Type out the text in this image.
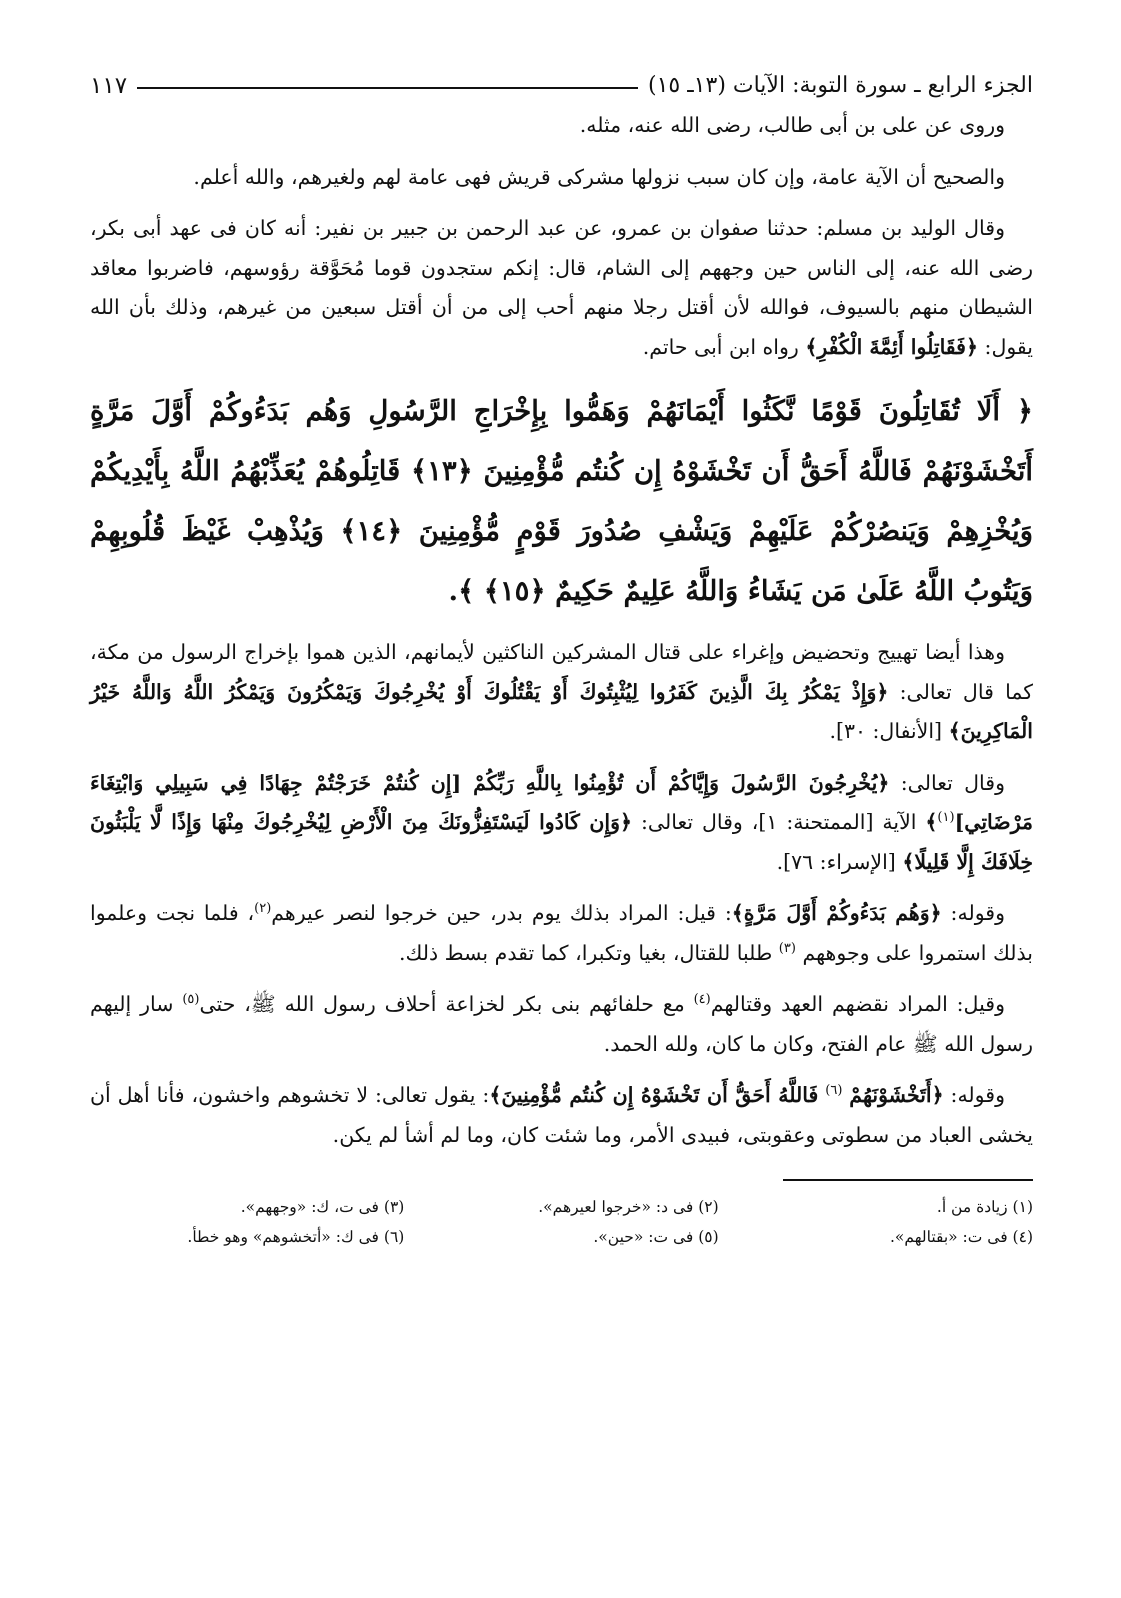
الجزء الرابع ـ سورة التوبة: الآيات (١٣ـ ١٥)
١١٧

وروى عن على بن أبى طالب، رضى الله عنه، مثله.

والصحيح أن الآية عامة، وإن كان سبب نزولها مشركى قريش فهى عامة لهم ولغيرهم، والله أعلم.

وقال الوليد بن مسلم: حدثنا صفوان بن عمرو، عن عبد الرحمن بن جبير بن نفير: أنه كان فى عهد أبى بكر، رضى الله عنه، إلى الناس حين وجههم إلى الشام، قال: إنكم ستجدون قوما مُحَوَّقة رؤوسهم، فاضربوا معاقد الشيطان منهم بالسيوف، فوالله لأن أقتل رجلا منهم أحب إلى من أن أقتل سبعين من غيرهم، وذلك بأن الله يقول: ﴿فَقَاتِلُوا أَئِمَّةَ الْكُفْرِ﴾ رواه ابن أبى حاتم.

﴿ أَلَا تُقَاتِلُونَ قَوْمًا نَّكَثُوا أَيْمَانَهُمْ وَهَمُّوا بِإِخْرَاجِ الرَّسُولِ وَهُم بَدَءُوكُمْ أَوَّلَ مَرَّةٍ أَتَخْشَوْنَهُمْ فَاللَّهُ أَحَقُّ أَن تَخْشَوْهُ إِن كُنتُم مُّؤْمِنِينَ ﴿١٣﴾ قَاتِلُوهُمْ يُعَذِّبْهُمُ اللَّهُ بِأَيْدِيكُمْ وَيُخْزِهِمْ وَيَنصُرْكُمْ عَلَيْهِمْ وَيَشْفِ صُدُورَ قَوْمٍ مُّؤْمِنِينَ ﴿١٤﴾ وَيُذْهِبْ غَيْظَ قُلُوبِهِمْ وَيَتُوبُ اللَّهُ عَلَىٰ مَن يَشَاءُ وَاللَّهُ عَلِيمٌ حَكِيمٌ ﴿١٥﴾ ﴾.

وهذا أيضا تهييج وتحضيض وإغراء على قتال المشركين الناكثين لأيمانهم، الذين هموا بإخراج الرسول من مكة، كما قال تعالى: ﴿وَإِذْ يَمْكُرُ بِكَ الَّذِينَ كَفَرُوا لِيُثْبِتُوكَ أَوْ يَقْتُلُوكَ أَوْ يُخْرِجُوكَ وَيَمْكُرُونَ وَيَمْكُرُ اللَّهُ وَاللَّهُ خَيْرُ الْمَاكِرِينَ﴾ [الأنفال: ٣٠].

وقال تعالى: ﴿يُخْرِجُونَ الرَّسُولَ وَإِيَّاكُمْ أَن تُؤْمِنُوا بِاللَّهِ رَبِّكُمْ [إِن كُنتُمْ خَرَجْتُمْ جِهَادًا فِي سَبِيلِي وَابْتِغَاءَ مَرْضَاتِي]$^{(١)}$﴾ الآية [الممتحنة: ١]، وقال تعالى: ﴿وَإِن كَادُوا لَيَسْتَفِزُّونَكَ مِنَ الْأَرْضِ لِيُخْرِجُوكَ مِنْهَا وَإِذًا لَّا يَلْبَثُونَ خِلَافَكَ إِلَّا قَلِيلًا﴾ [الإسراء: ٧٦].

وقوله: ﴿وَهُم بَدَءُوكُمْ أَوَّلَ مَرَّةٍ﴾: قيل: المراد بذلك يوم بدر، حين خرجوا لنصر عيرهم$^{(٢)}$، فلما نجت وعلموا بذلك استمروا على وجوههم $^{(٣)}$ طلبا للقتال، بغيا وتكبرا، كما تقدم بسط ذلك.

وقيل: المراد نقضهم العهد وقتالهم$^{(٤)}$ مع حلفائهم بنى بكر لخزاعة أحلاف رسول الله ﷺ، حتى$^{(٥)}$ سار إليهم رسول الله ﷺ عام الفتح، وكان ما كان، ولله الحمد.

وقوله: ﴿أَتَخْشَوْنَهُمْ $^{(٦)}$ فَاللَّهُ أَحَقُّ أَن تَخْشَوْهُ إِن كُنتُم مُّؤْمِنِينَ﴾: يقول تعالى: لا تخشوهم واخشون، فأنا أهل أن يخشى العباد من سطوتى وعقوبتى، فبيدى الأمر، وما شئت كان، وما لم أشأ لم يكن.

(١) زيادة من أ.
(٢) فى د: «خرجوا لعيرهم».
(٣) فى ت، ك: «وجههم».
(٤) فى ت: «بقتالهم».
(٥) فى ت: «حين».
(٦) فى ك: «أتخشوهم» وهو خطأ.
